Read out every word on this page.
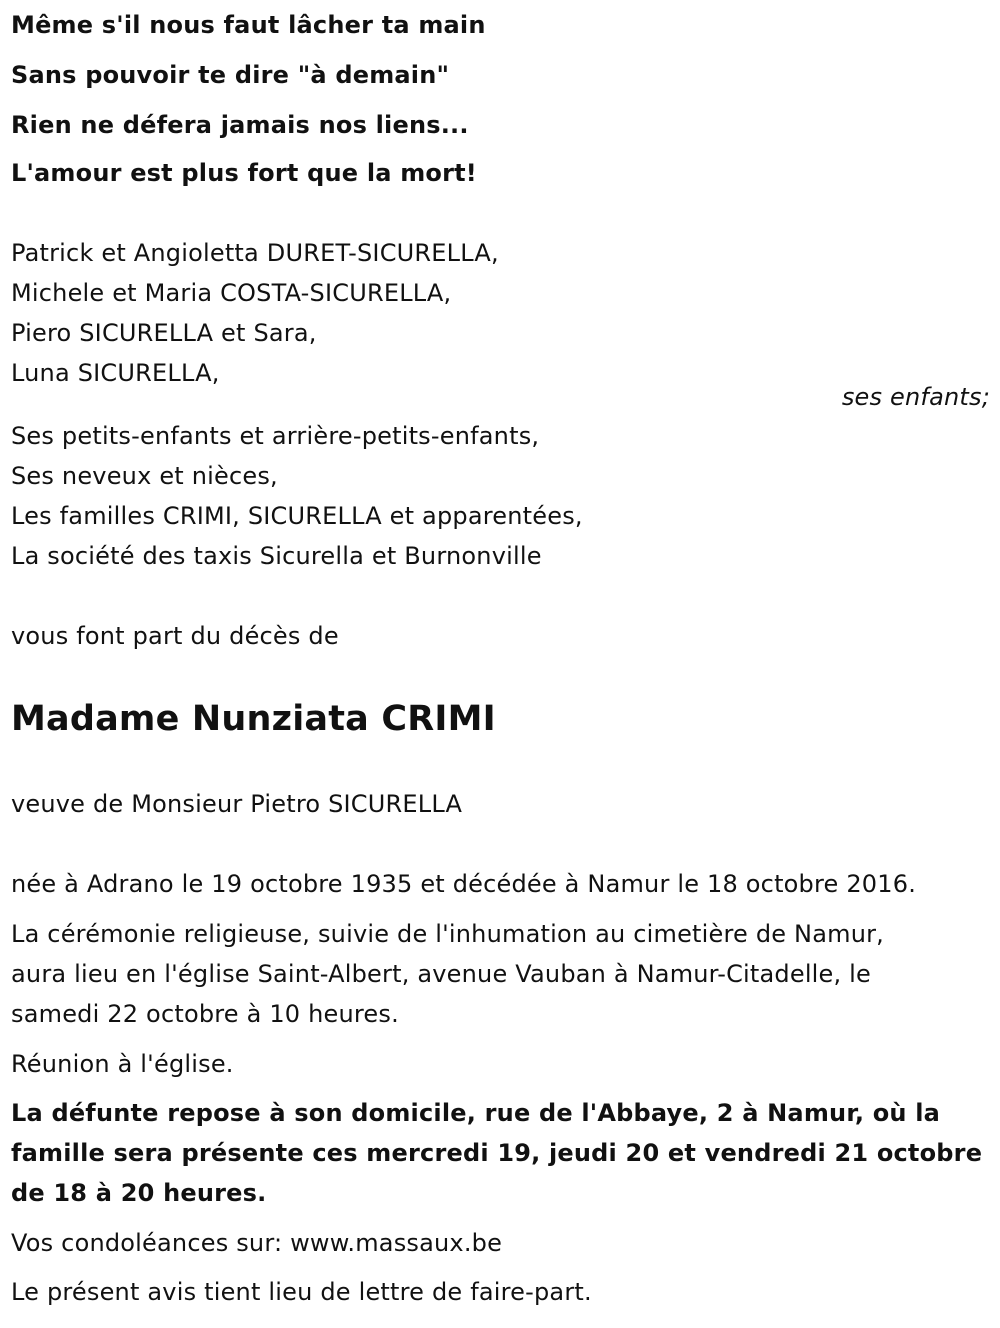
Même s'il nous faut lâcher ta main
Sans pouvoir te dire "à demain"
Rien ne défera jamais nos liens...
L'amour est plus fort que la mort!
Patrick et Angioletta DURET-SICURELLA,
Michele et Maria COSTA-SICURELLA,
Piero SICURELLA et Sara,
Luna SICURELLA,
ses enfants;
Ses petits-enfants et arrière-petits-enfants,
Ses neveux et nièces,
Les familles CRIMI, SICURELLA et apparentées,
La société des taxis Sicurella et Burnonville
vous font part du décès de
Madame Nunziata CRIMI
veuve de Monsieur Pietro SICURELLA
née à Adrano le 19 octobre 1935 et décédée à Namur le 18 octobre 2016.
La cérémonie religieuse, suivie de l'inhumation au cimetière de Namur,
aura lieu en l'église Saint-Albert, avenue Vauban à Namur-Citadelle, le
samedi 22 octobre à 10 heures.
Réunion à l'église.
La défunte repose à son domicile, rue de l'Abbaye, 2 à Namur, où la
famille sera présente ces mercredi 19, jeudi 20 et vendredi 21 octobre
de 18 à 20 heures.
Vos condoléances sur: www.massaux.be
Le présent avis tient lieu de lettre de faire-part.
